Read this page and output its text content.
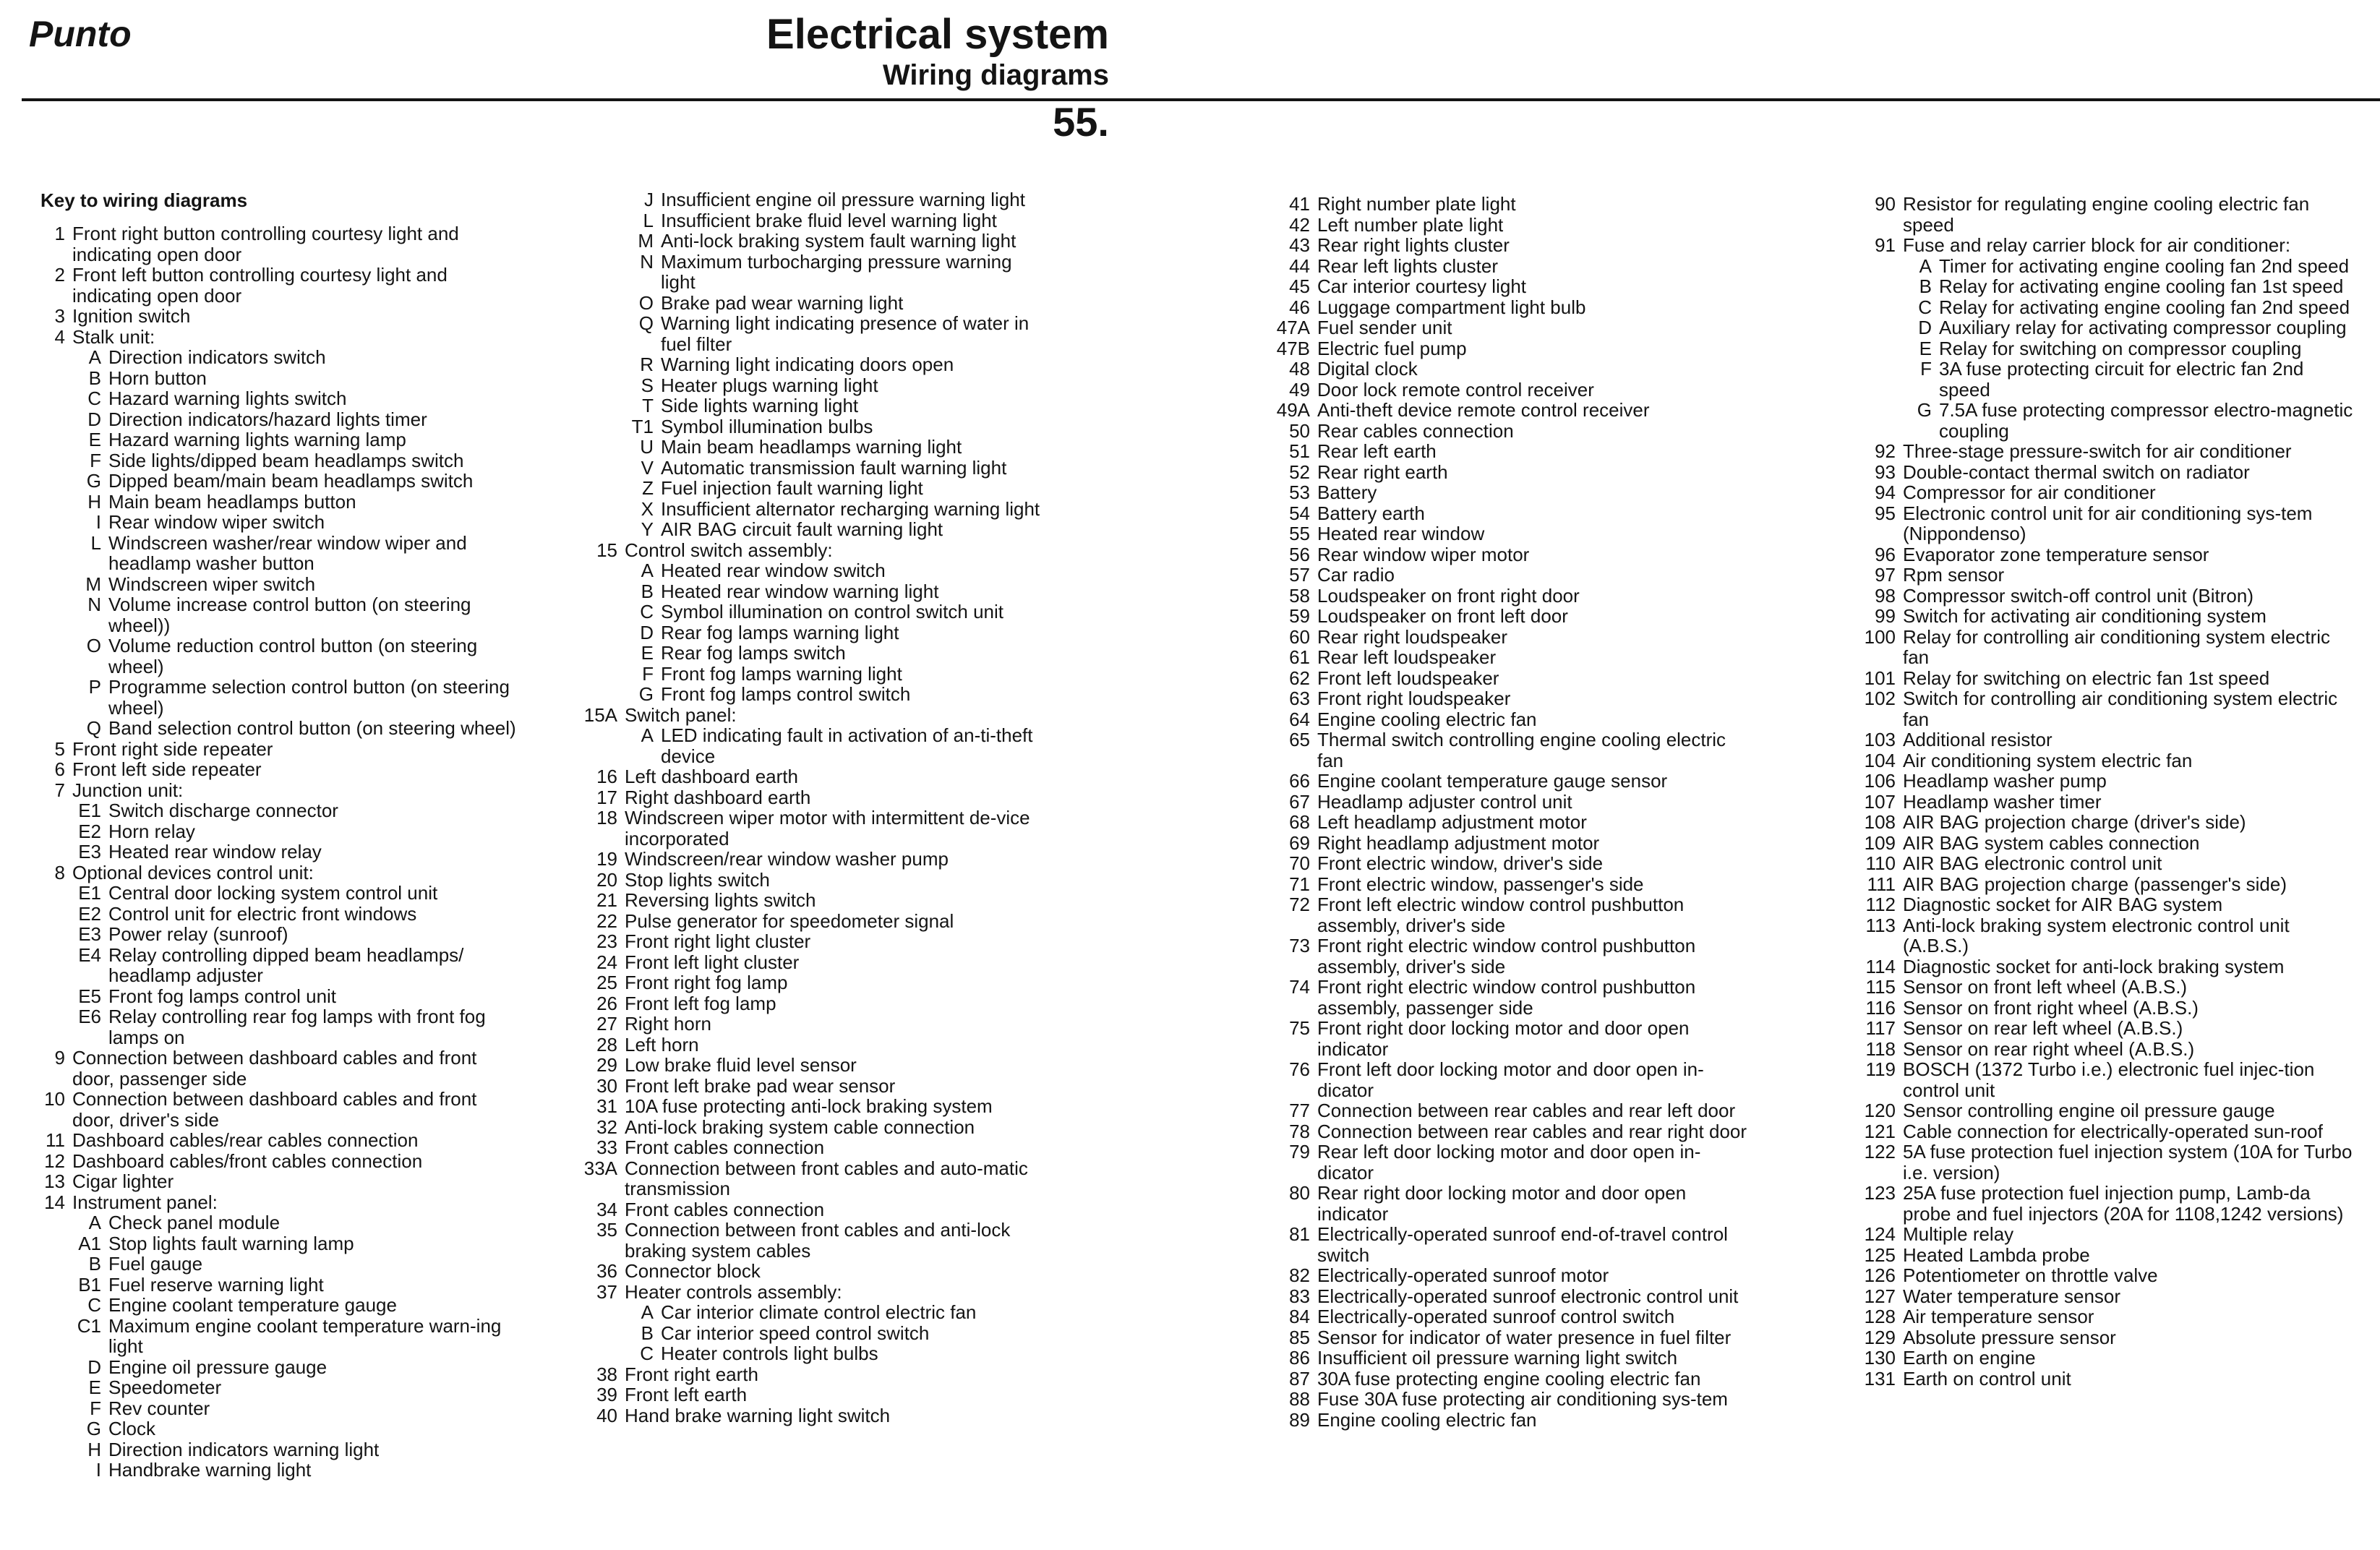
Punto	Electrical system
Wiring diagrams
55.
Key to wiring diagrams
1 Front right button controlling courtesy light and indicating open door
2 Front left button controlling courtesy light and indicating open door
3 Ignition switch
4 Stalk unit:
A Direction indicators switch
B Horn button
C Hazard warning lights switch
D Direction indicators/hazard lights timer
E Hazard warning lights warning lamp
F Side lights/dipped beam headlamps switch
G Dipped beam/main beam headlamps switch
H Main beam headlamps button
I Rear window wiper switch
L Windscreen washer/rear window wiper and headlamp washer button
M Windscreen wiper switch
N Volume increase control button (on steering wheel))
O Volume reduction control button (on steering wheel)
P Programme selection control button (on steering wheel)
Q Band selection control button (on steering wheel)
5 Front right side repeater
6 Front left side repeater
7 Junction unit:
E1 Switch discharge connector
E2 Horn relay
E3 Heated rear window relay
8 Optional devices control unit:
E1 Central door locking system control unit
E2 Control unit for electric front windows
E3 Power relay (sunroof)
E4 Relay controlling dipped beam headlamps/ headlamp adjuster
E5 Front fog lamps control unit
E6 Relay controlling rear fog lamps with front fog lamps on
9 Connection between dashboard cables and front door, passenger side
10 Connection between dashboard cables and front door, driver's side
11 Dashboard cables/rear cables connection
12 Dashboard cables/front cables connection
13 Cigar lighter
14 Instrument panel:
A Check panel module
A1 Stop lights fault warning lamp
B Fuel gauge
B1 Fuel reserve warning light
C Engine coolant temperature gauge
C1 Maximum engine coolant temperature warn-ing light
D Engine oil pressure gauge
E Speedometer
F Rev counter
G Clock
H Direction indicators warning light
I Handbrake warning light
J Insufficient engine oil pressure warning light
L Insufficient brake fluid level warning light
M Anti-lock braking system fault warning light
N Maximum turbocharging pressure warning light
O Brake pad wear warning light
Q Warning light indicating presence of water in fuel filter
R Warning light indicating doors open
S Heater plugs warning light
T Side lights warning light
T1 Symbol illumination bulbs
U Main beam headlamps warning light
V Automatic transmission fault warning light
Z Fuel injection fault warning light
X Insufficient alternator recharging warning light
Y AIR BAG circuit fault warning light
15 Control switch assembly:
A Heated rear window switch
B Heated rear window warning light
C Symbol illumination on control switch unit
D Rear fog lamps warning light
E Rear fog lamps switch
F Front fog lamps warning light
G Front fog lamps control switch
15A Switch panel:
A LED indicating fault in activation of an-ti-theft device
16 Left dashboard earth
17 Right dashboard earth
18 Windscreen wiper motor with intermittent de-vice incorporated
19 Windscreen/rear window washer pump
20 Stop lights switch
21 Reversing lights switch
22 Pulse generator for speedometer signal
23 Front right light cluster
24 Front left light cluster
25 Front right fog lamp
26 Front left fog lamp
27 Right horn
28 Left horn
29 Low brake fluid level sensor
30 Front left brake pad wear sensor
31 10A fuse protecting anti-lock braking system
32 Anti-lock braking system cable connection
33 Front cables connection
33A Connection between front cables and auto-matic transmission
34 Front cables connection
35 Connection between front cables and anti-lock braking system cables
36 Connector block
37 Heater controls assembly:
A Car interior climate control electric fan
B Car interior speed control switch
C Heater controls light bulbs
38 Front right earth
39 Front left earth
40 Hand brake warning light switch
41 Right number plate light
42 Left number plate light
43 Rear right lights cluster
44 Rear left lights cluster
45 Car interior courtesy light
46 Luggage compartment light bulb
47A Fuel sender unit
47B Electric fuel pump
48 Digital clock
49 Door lock remote control receiver
49A Anti-theft device remote control receiver
50 Rear cables connection
51 Rear left earth
52 Rear right earth
53 Battery
54 Battery earth
55 Heated rear window
56 Rear window wiper motor
57 Car radio
58 Loudspeaker on front right door
59 Loudspeaker on front left door
60 Rear right loudspeaker
61 Rear left loudspeaker
62 Front left loudspeaker
63 Front right loudspeaker
64 Engine cooling electric fan
65 Thermal switch controlling engine cooling electric fan
66 Engine coolant temperature gauge sensor
67 Headlamp adjuster control unit
68 Left headlamp adjustment motor
69 Right headlamp adjustment motor
70 Front electric window, driver's side
71 Front electric window, passenger's side
72 Front left electric window control pushbutton assembly, driver's side
73 Front right electric window control pushbutton assembly, driver's side
74 Front right electric window control pushbutton assembly, passenger side
75 Front right door locking motor and door open indicator
76 Front left door locking motor and door open in-dicator
77 Connection between rear cables and rear left door
78 Connection between rear cables and rear right door
79 Rear left door locking motor and door open in-dicator
80 Rear right door locking motor and door open indicator
81 Electrically-operated sunroof end-of-travel control switch
82 Electrically-operated sunroof motor
83 Electrically-operated sunroof electronic control unit
84 Electrically-operated sunroof control switch
85 Sensor for indicator of water presence in fuel filter
86 Insufficient oil pressure warning light switch
87 30A fuse protecting engine cooling electric fan
88 Fuse 30A fuse protecting air conditioning sys-tem
89 Engine cooling electric fan
90 Resistor for regulating engine cooling electric fan speed
91 Fuse and relay carrier block for air conditioner:
A Timer for activating engine cooling fan 2nd speed
B Relay for activating engine cooling fan 1st speed
C Relay for activating engine cooling fan 2nd speed
D Auxiliary relay for activating compressor coupling
E Relay for switching on compressor coupling
F 3A fuse protecting circuit for electric fan 2nd speed
G 7.5A fuse protecting compressor electro-magnetic coupling
92 Three-stage pressure-switch for air conditioner
93 Double-contact thermal switch on radiator
94 Compressor for air conditioner
95 Electronic control unit for air conditioning sys-tem (Nippondenso)
96 Evaporator zone temperature sensor
97 Rpm sensor
98 Compressor switch-off control unit (Bitron)
99 Switch for activating air conditioning system
100 Relay for controlling air conditioning system electric fan
101 Relay for switching on electric fan 1st speed
102 Switch for controlling air conditioning system electric fan
103 Additional resistor
104 Air conditioning system electric fan
106 Headlamp washer pump
107 Headlamp washer timer
108 AIR BAG projection charge (driver's side)
109 AIR BAG system cables connection
110 AIR BAG electronic control unit
111 AIR BAG projection charge (passenger's side)
112 Diagnostic socket for AIR BAG system
113 Anti-lock braking system electronic control unit (A.B.S.)
114 Diagnostic socket for anti-lock braking system
115 Sensor on front left wheel (A.B.S.)
116 Sensor on front right wheel (A.B.S.)
117 Sensor on rear left wheel (A.B.S.)
118 Sensor on rear right wheel (A.B.S.)
119 BOSCH (1372 Turbo i.e.) electronic fuel injec-tion control unit
120 Sensor controlling engine oil pressure gauge
121 Cable connection for electrically-operated sun-roof
122 5A fuse protection fuel injection system (10A for Turbo i.e. version)
123 25A fuse protection fuel injection pump, Lamb-da probe and fuel injectors (20A for 1108,1242 versions)
124 Multiple relay
125 Heated Lambda probe
126 Potentiometer on throttle valve
127 Water temperature sensor
128 Air temperature sensor
129 Absolute pressure sensor
130 Earth on engine
131 Earth on control unit
